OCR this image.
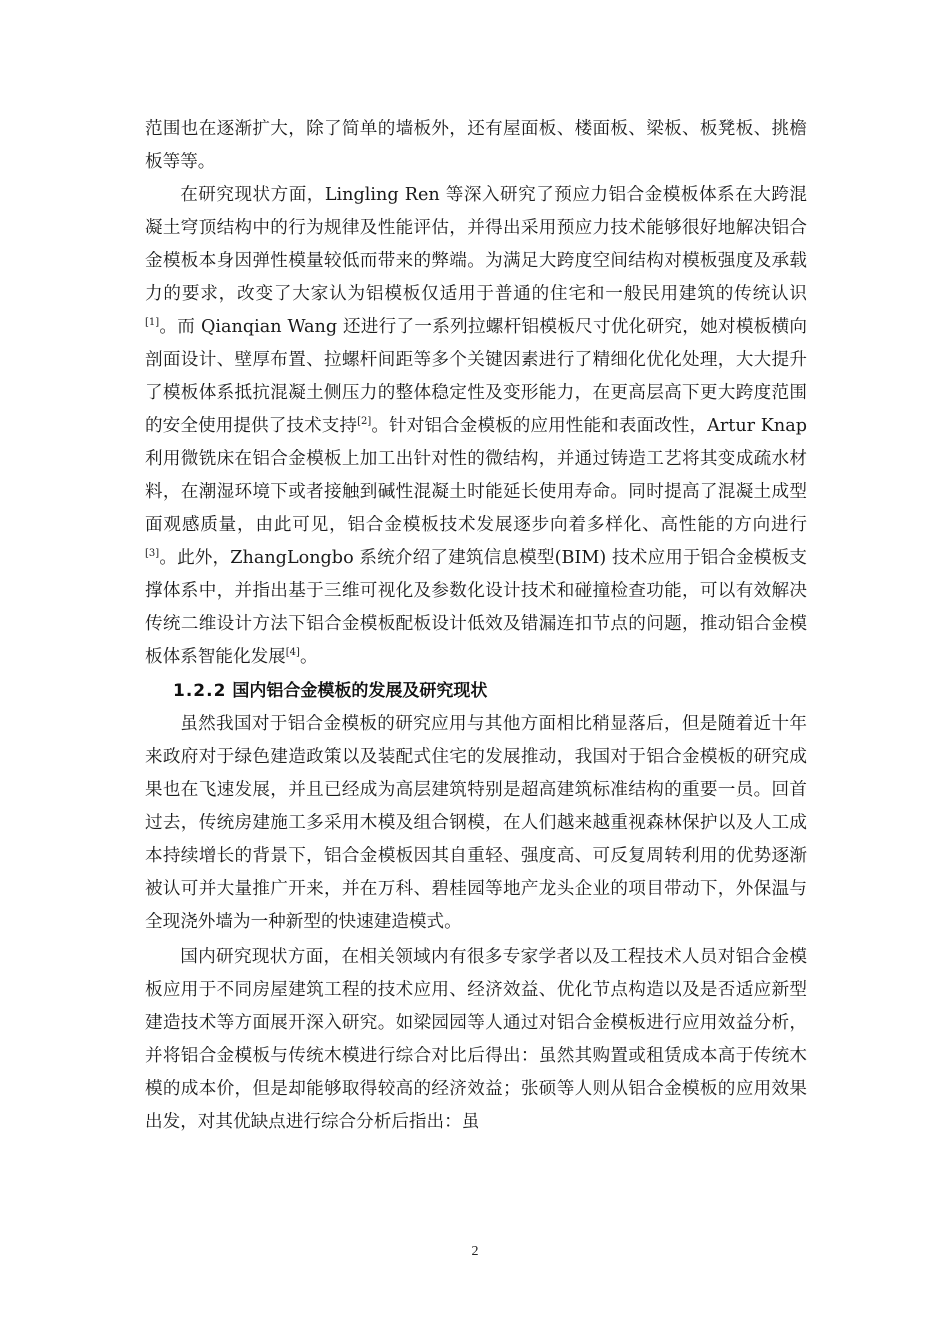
范围也在逐渐扩大，除了简单的墙板外，还有屋面板、楼面板、梁板、板凳板、挑檐板等等。

在研究现状方面，Lingling Ren 等深入研究了预应力铝合金模板体系在大跨混凝土穹顶结构中的行为规律及性能评估，并得出采用预应力技术能够很好地解决铝合金模板本身因弹性模量较低而带来的弊端。为满足大跨度空间结构对模板强度及承载力的要求，改变了大家认为铝模板仅适用于普通的住宅和一般民用建筑的传统认识[1]。而 Qianqian Wang 还进行了一系列拉螺杆铝模板尺寸优化研究，她对模板横向剖面设计、壁厚布置、拉螺杆间距等多个关键因素进行了精细化优化处理，大大提升了模板体系抵抗混凝土侧压力的整体稳定性及变形能力，在更高层高下更大跨度范围的安全使用提供了技术支持[2]。针对铝合金模板的应用性能和表面改性，Artur Knap 利用微铣床在铝合金模板上加工出针对性的微结构，并通过铸造工艺将其变成疏水材料，在潮湿环境下或者接触到碱性混凝土时能延长使用寿命。同时提高了混凝土成型面观感质量，由此可见，铝合金模板技术发展逐步向着多样化、高性能的方向进行[3]。此外，ZhangLongbo 系统介绍了建筑信息模型(BIM) 技术应用于铝合金模板支撑体系中，并指出基于三维可视化及参数化设计技术和碰撞检查功能，可以有效解决传统二维设计方法下铝合金模板配板设计低效及错漏连扣节点的问题，推动铝合金模板体系智能化发展[4]。

1.2.2 国内铝合金模板的发展及研究现状

虽然我国对于铝合金模板的研究应用与其他方面相比稍显落后，但是随着近十年来政府对于绿色建造政策以及装配式住宅的发展推动，我国对于铝合金模板的研究成果也在飞速发展，并且已经成为高层建筑特别是超高建筑标准结构的重要一员。回首过去，传统房建施工多采用木模及组合钢模，在人们越来越重视森林保护以及人工成本持续增长的背景下，铝合金模板因其自重轻、强度高、可反复周转利用的优势逐渐被认可并大量推广开来，并在万科、碧桂园等地产龙头企业的项目带动下，外保温与全现浇外墙为一种新型的快速建造模式。

国内研究现状方面，在相关领域内有很多专家学者以及工程技术人员对铝合金模板应用于不同房屋建筑工程的技术应用、经济效益、优化节点构造以及是否适应新型建造技术等方面展开深入研究。如梁园园等人通过对铝合金模板进行应用效益分析，并将铝合金模板与传统木模进行综合对比后得出：虽然其购置或租赁成本高于传统木模的成本价，但是却能够取得较高的经济效益；张硕等人则从铝合金模板的应用效果出发，对其优缺点进行综合分析后指出：虽

2
